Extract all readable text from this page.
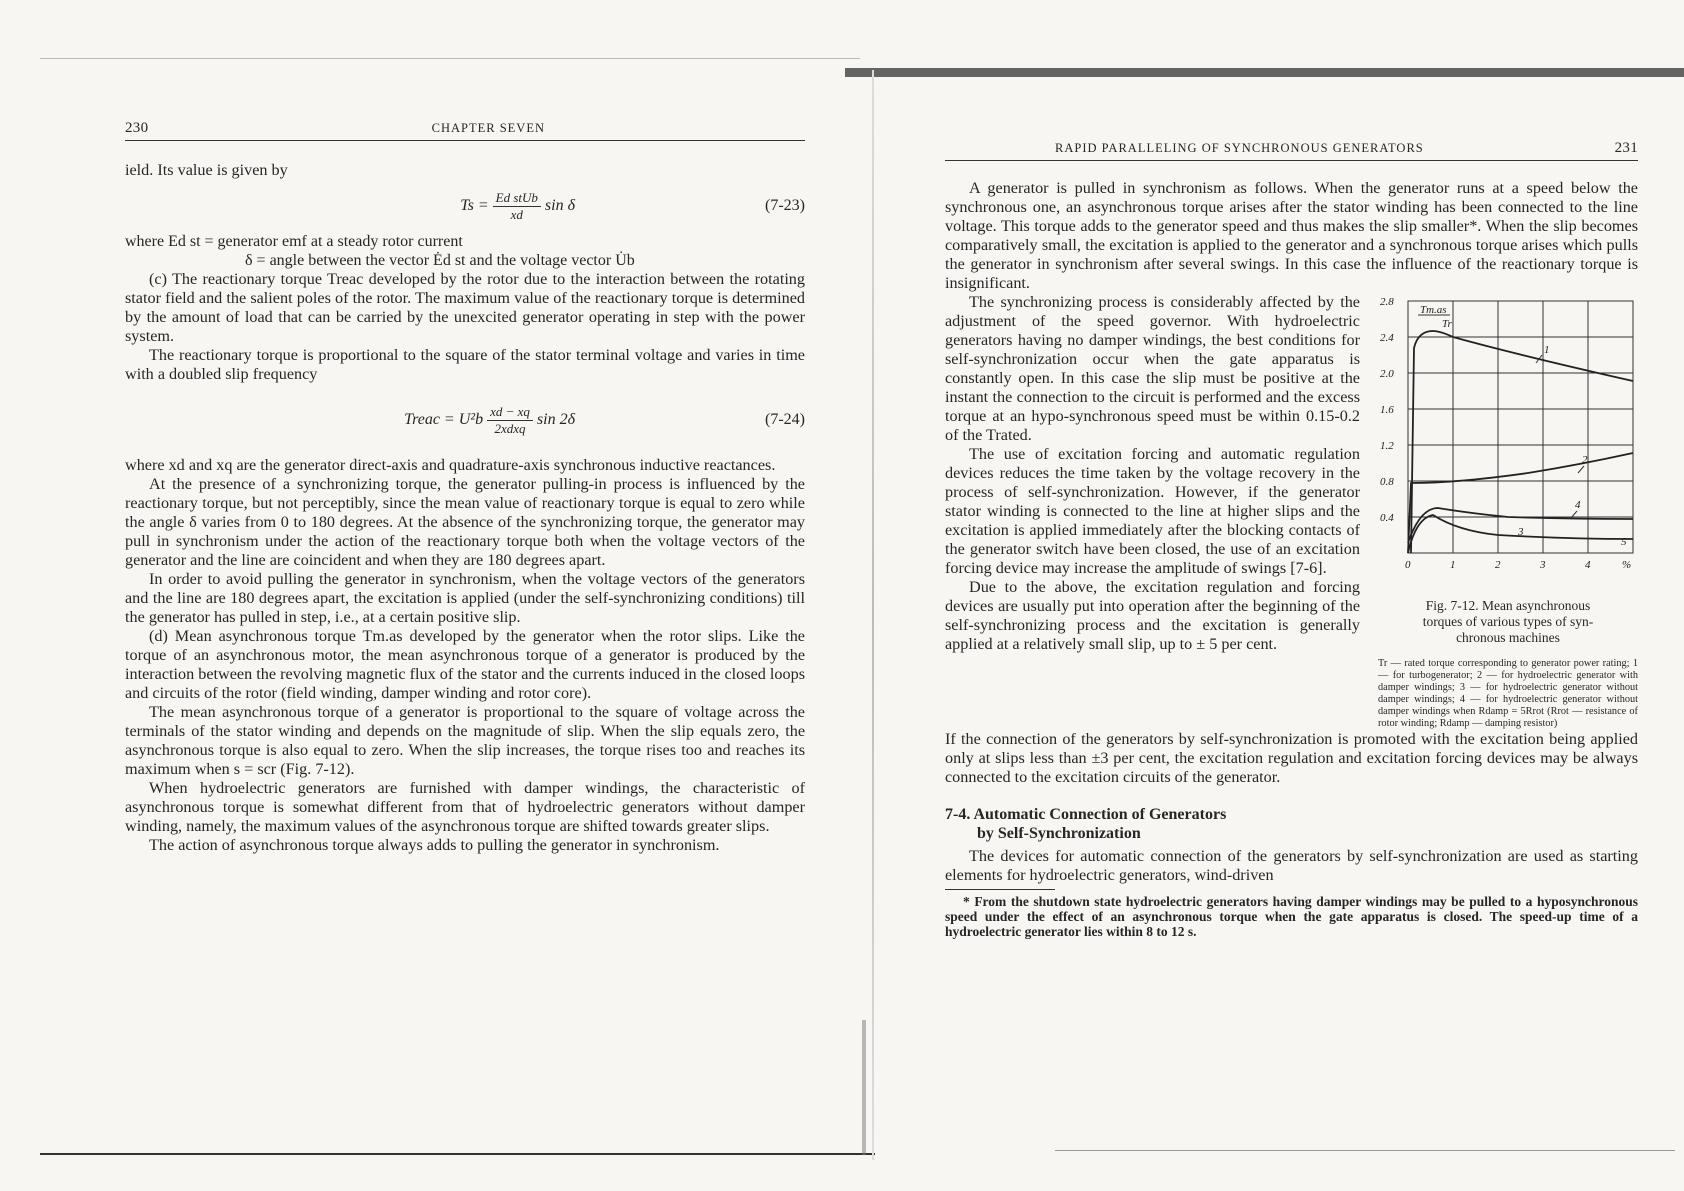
230	CHAPTER SEVEN

ield. Its value is given by

$Ts = \frac{\text{Ed stUb}}{xd}$ sin δ	(7-23)
where Ed st = generator emf at a steady rotor current
δ = angle between the vector Ėd st and the voltage vector U̇b

(c) The reactionary torque Treac developed by the rotor due to the interaction between the rotating stator field and the salient poles of the rotor. The maximum value of the reactionary torque is determined by the amount of load that can be carried by the unexcited generator operating in step with the power system.

The reactionary torque is proportional to the square of the stator terminal voltage and varies in time with a doubled slip frequency

Treac = $U^2b \frac{xd - xq}{\text{2xdxq}}$ sin 2δ	(7-24)

where xd and xq are the generator direct-axis and quadrature-axis synchronous inductive reactances.

At the presence of a synchronizing torque, the generator pulling-in process is influenced by the reactionary torque, but not perceptibly, since the mean value of reactionary torque is equal to zero while the angle δ varies from 0 to 180 degrees. At the absence of the synchronizing torque, the generator may pull in synchronism under the action of the reactionary torque both when the voltage vectors of the generator and the line are coincident and when they are 180 degrees apart.

In order to avoid pulling the generator in synchronism, when the voltage vectors of the generators and the line are 180 degrees apart, the excitation is applied (under the self-synchronizing conditions) till the generator has pulled in step, i.e., at a certain positive slip.

(d) Mean asynchronous torque Tm.as developed by the generator when the rotor slips. Like the torque of an asynchronous motor, the mean asynchronous torque of a generator is produced by the interaction between the revolving magnetic flux of the stator and the currents induced in the closed loops and circuits of the rotor (field winding, damper winding and rotor core).

The mean asynchronous torque of a generator is proportional to the square of voltage across the terminals of the stator winding and depends on the magnitude of slip. When the slip equals zero, the asynchronous torque is also equal to zero. When the slip increases, the torque rises too and reaches its maximum when s = scr (Fig. 7-12).

When hydroelectric generators are furnished with damper windings, the characteristic of asynchronous torque is somewhat different from that of hydroelectric generators without damper winding, namely, the maximum values of the asynchronous torque are shifted towards greater slips.

The action of asynchronous torque always adds to pulling the generator in synchronism.

RAPID PARALLELING OF SYNCHRONOUS GENERATORS	231

A generator is pulled in synchronism as follows. When the generator runs at a speed below the synchronous one, an asynchronous torque arises after the stator winding has been connected to the line voltage. This torque adds to the generator speed and thus makes the slip smaller*. When the slip becomes comparatively small, the excitation is applied to the generator and a synchronous torque arises which pulls the generator in synchronism after several swings. In this case the influence of the reactionary torque is insignificant.

The synchronizing process is considerably affected by the adjustment of the speed governor. With hydroelectric generators having no damper windings, the best conditions for self-synchronization occur when the gate apparatus is constantly open. In this case the slip must be positive at the instant the connection to the circuit is performed and the excess torque at an hypo-synchronous speed must be within 0.15-0.2 of the Trated.

The use of excitation forcing and automatic regulation devices reduces the time taken by the voltage recovery in the process of self-synchronization. However, if the generator stator winding is connected to the line at higher slips and the excitation is applied immediately after the blocking contacts of the generator switch have been closed, the use of an excitation forcing device may increase the amplitude of swings [7-6].

Due to the above, the excitation regulation and forcing devices are usually put into operation after the beginning of the self-synchronizing process and the excitation is generally applied at a relatively small slip, up to ± 5 per cent.

2.8
2.4
2.0
1.6
1.2
0.8
0.4
0	1	2	3	4	%
5
Tm.as
Tr
1
2
3
4
Fig. 7-12. Mean asynchronous
torques of various types of syn-
chronous machines
Tr — rated torque corresponding to generator power rating; 1 — for turbogenerator; 2 — for hydroelectric generator with damper windings; 3 — for hydroelectric generator without damper windings; 4 — for hydroelectric generator without damper windings when Rdamp = 5Rrot (Rrot — resistance of rotor winding; Rdamp — damping resistor)

If the connection of the generators by self-synchronization is promoted with the excitation being applied only at slips less than ±3 per cent, the excitation regulation and excitation forcing devices may be always connected to the excitation circuits of the generator.

7-4. Automatic Connection of Generators
by Self-Synchronization

The devices for automatic connection of the generators by self-synchronization are used as starting elements for hydroelectric generators, wind-driven

* From the shutdown state hydroelectric generators having damper windings may be pulled to a hyposynchronous speed under the effect of an asynchronous torque when the gate apparatus is closed. The speed-up time of a hydroelectric generator lies within 8 to 12 s.
